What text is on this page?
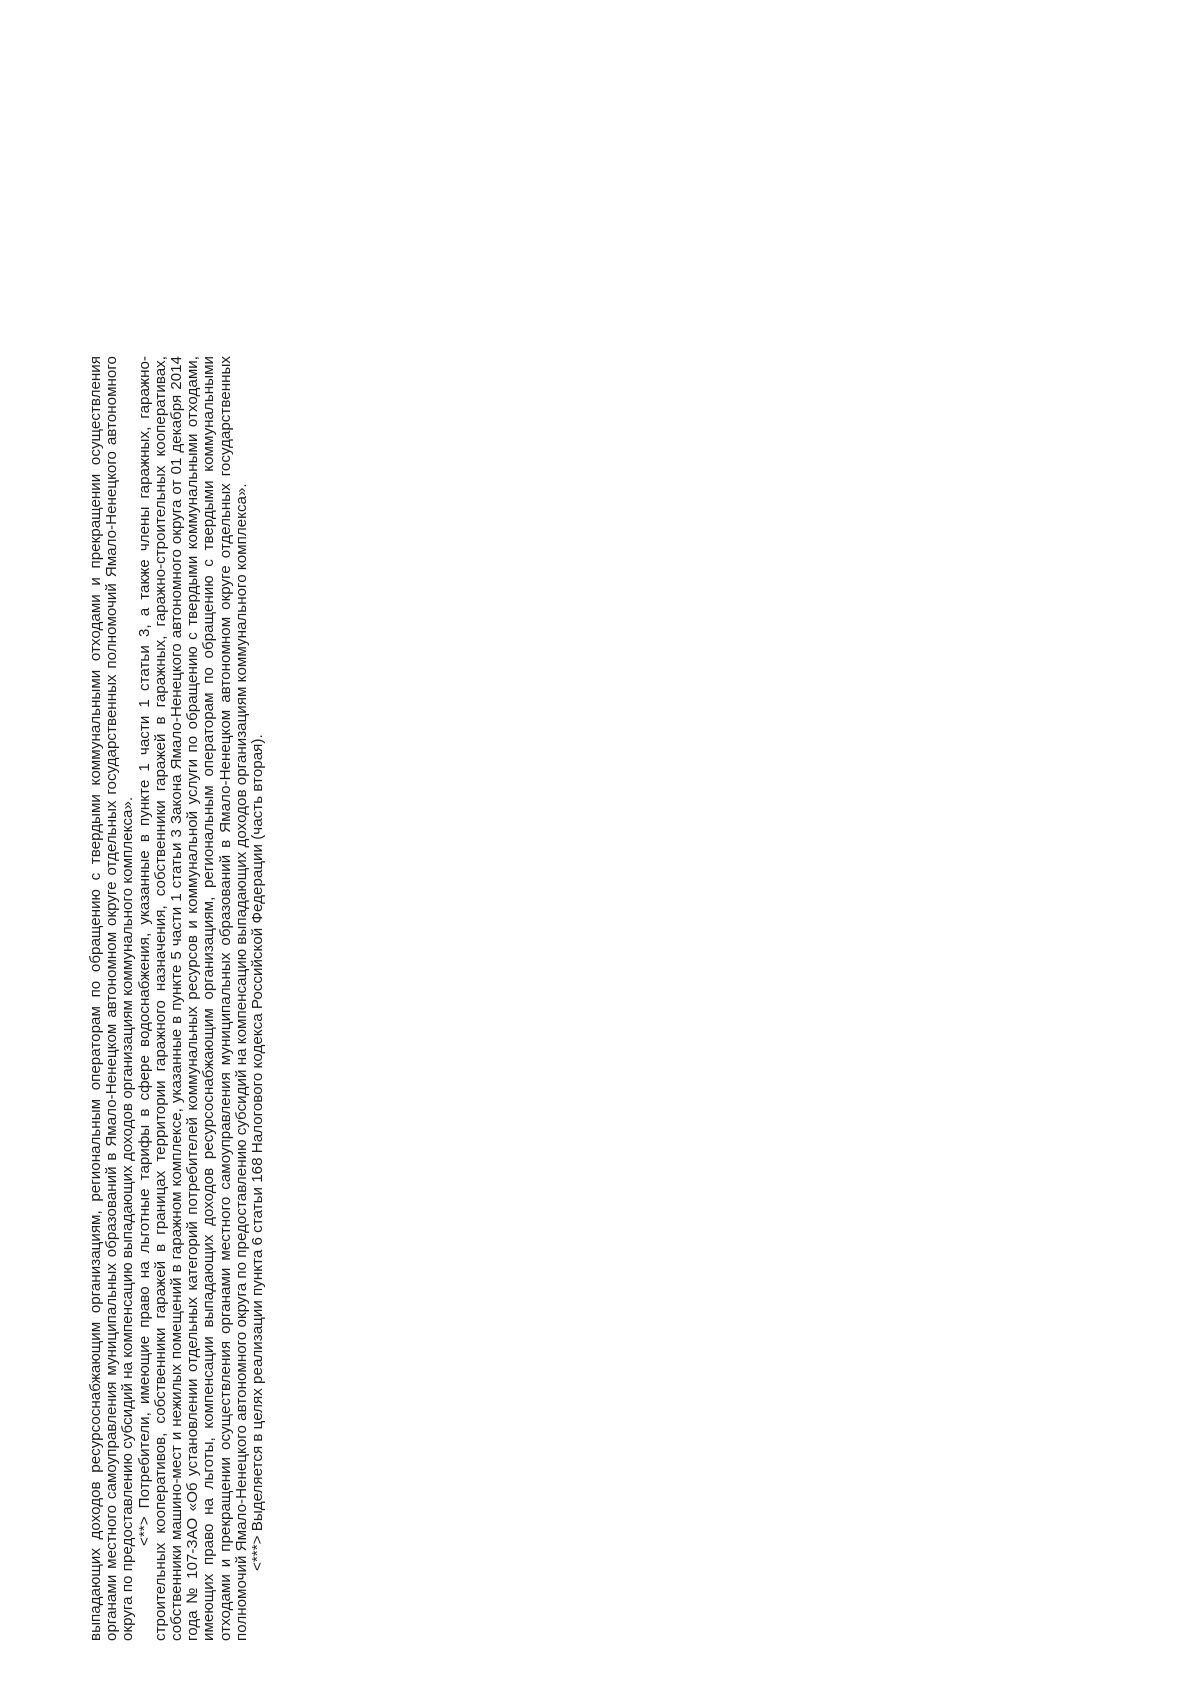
выпадающих доходов ресурсоснабжающим организациям, региональным операторам по обращению с твердыми коммунальными отходами и прекращении осуществления органами местного самоуправления муниципальных образований в Ямало-Ненецком автономном округе отдельных государственных полномочий Ямало-Ненецкого автономного округа по предоставлению субсидий на компенсацию выпадающих доходов организациям коммунального комплекса». <**> Потребители, имеющие право на льготные тарифы в сфере водоснабжения, указанные в пункте 1 части 1 статьи 3, а также члены гаражных, гаражно-строительных кооперативов, собственники гаражей в границах территории гаражного назначения, собственники гаражей в гаражных, гаражно-строительных кооперативах, собственники машино-мест и нежилых помещений в гаражном комплексе, указанные в пункте 5 части 1 статьи 3 Закона Ямало-Ненецкого автономного округа от 01 декабря 2014 года № 107-ЗАО «Об установлении отдельных категорий потребителей коммунальных ресурсов и коммунальной услуги по обращению с твердыми коммунальными отходами, имеющих право на льготы, компенсации выпадающих доходов ресурсоснабжающим организациям, региональным операторам по обращению с твердыми коммунальными отходами и прекращении осуществления органами местного самоуправления муниципальных образований в Ямало-Ненецком автономном округе отдельных государственных полномочий Ямало-Ненецкого автономного округа по предоставлению субсидий на компенсацию выпадающих доходов организациям коммунального комплекса». <***> Выделяется в целях реализации пункта 6 статьи 168 Налогового кодекса Российской Федерации (часть вторая).
